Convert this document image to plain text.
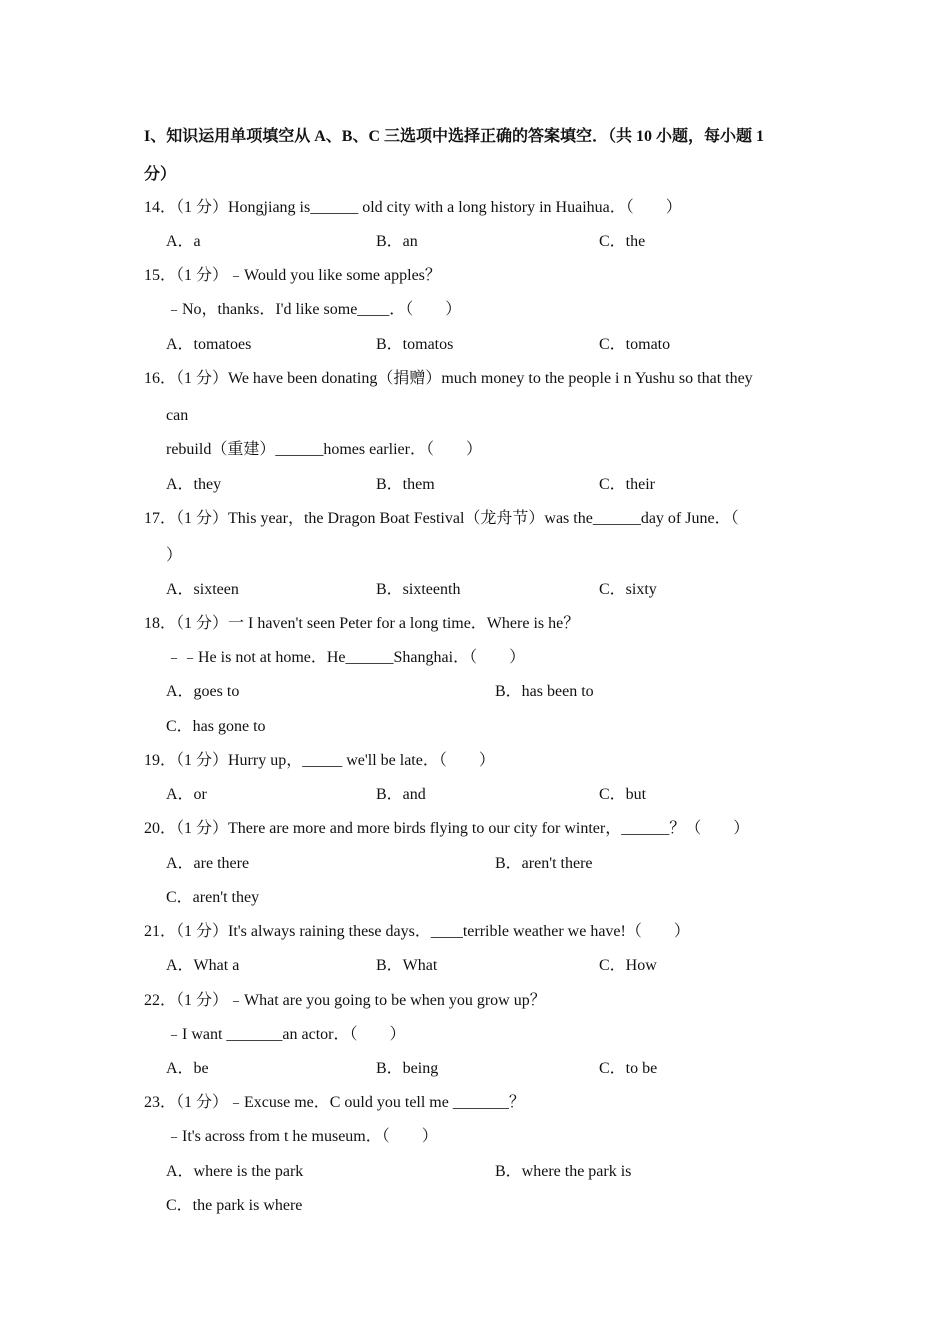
I、知识运用单项填空从 A、B、C 三选项中选择正确的答案填空．（共 10 小题，每小题 1
分）
14．（1 分）Hongjiang is______ old city with a long history in Huaihua．（　　）
A．a	B．an	C．the
15．（1 分）﹣Would you like some apples？
﹣No，thanks．I'd like some____．（　　）
A．tomatoes	B．tomatos	C．tomato
16．（1 分）We have been donating（捐赠）much money to the people i n Yushu so that they
can
rebuild（重建）______homes earlier．（　　）
A．they	B．them	C．their
17．（1 分）This year，the Dragon Boat Festival（龙舟节）was the______day of June．（
）
A．sixteen	B．sixteenth	C．sixty
18．（1 分）一 I haven't seen Peter for a long time．Where is he？
﹣﹣He is not at home．He______Shanghai．（　　）
A．goes to	B．has been to
C．has gone to
19．（1 分）Hurry up，_____ we'll be late．（　　）
A．or	B．and	C．but
20．（1 分）There are more and more birds flying to our city for winter，______？（　　）
A．are there	B．aren't there
C．aren't they
21．（1 分）It's always raining these days．____terrible weather we have!（　　）
A．What a	B．What	C．How
22．（1 分）﹣What are you going to be when you grow up？
﹣I want _______an actor．（　　）
A．be	B．being	C．to be
23．（1 分）﹣Excuse me．C ould you tell me _______？
﹣It's across from t he museum．（　　）
A．where is the park	B．where the park is
C．the park is where
